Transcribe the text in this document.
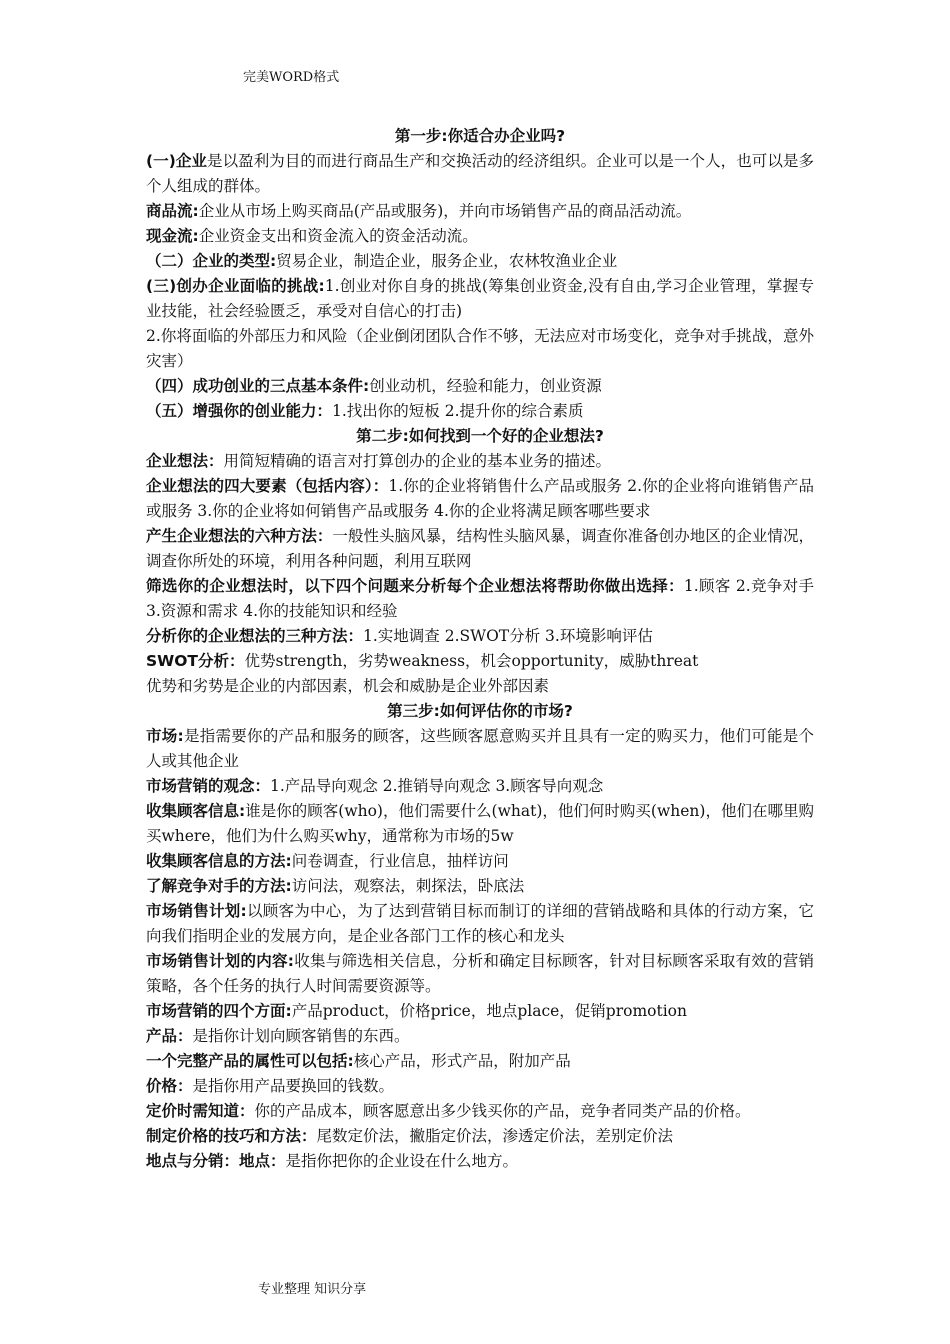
完美WORD格式
第一步:你适合办企业吗?

(一)企业是以盈利为目的而进行商品生产和交换活动的经济组织。企业可以是一个人，也可以是多个人组成的群体。

商品流:企业从市场上购买商品(产品或服务)，并向市场销售产品的商品活动流。

现金流:企业资金支出和资金流入的资金活动流。

（二）企业的类型:贸易企业，制造企业，服务企业，农林牧渔业企业

(三)创办企业面临的挑战:1.创业对你自身的挑战(筹集创业资金,没有自由,学习企业管理，掌握专业技能，社会经验匮乏，承受对自信心的打击)

2.你将面临的外部压力和风险（企业倒闭团队合作不够，无法应对市场变化，竞争对手挑战，意外灾害）

（四）成功创业的三点基本条件:创业动机，经验和能力，创业资源

（五）增强你的创业能力：1.找出你的短板 2.提升你的综合素质

第二步:如何找到一个好的企业想法?

企业想法：用简短精确的语言对打算创办的企业的基本业务的描述。

企业想法的四大要素（包括内容）：1.你的企业将销售什么产品或服务 2.你的企业将向谁销售产品或服务 3.你的企业将如何销售产品或服务 4.你的企业将满足顾客哪些要求

产生企业想法的六种方法：一般性头脑风暴，结构性头脑风暴，调查你准备创办地区的企业情况，调查你所处的环境，利用各种问题，利用互联网

筛选你的企业想法时，以下四个问题来分析每个企业想法将帮助你做出选择：1.顾客 2.竞争对手 3.资源和需求 4.你的技能知识和经验

分析你的企业想法的三种方法：1.实地调查 2.SWOT分析 3.环境影响评估

SWOT分析：优势strength，劣势weakness，机会opportunity，威胁threat

优势和劣势是企业的内部因素，机会和威胁是企业外部因素

第三步:如何评估你的市场?

市场:是指需要你的产品和服务的顾客，这些顾客愿意购买并且具有一定的购买力，他们可能是个人或其他企业

市场营销的观念：1.产品导向观念 2.推销导向观念 3.顾客导向观念

收集顾客信息:谁是你的顾客(who)，他们需要什么(what)，他们何时购买(when)，他们在哪里购买where，他们为什么购买why，通常称为市场的5w

收集顾客信息的方法:问卷调查，行业信息，抽样访问

了解竞争对手的方法:访问法，观察法，刺探法，卧底法

市场销售计划:以顾客为中心，为了达到营销目标而制订的详细的营销战略和具体的行动方案，它向我们指明企业的发展方向，是企业各部门工作的核心和龙头

市场销售计划的内容:收集与筛选相关信息，分析和确定目标顾客，针对目标顾客采取有效的营销策略，各个任务的执行人时间需要资源等。

市场营销的四个方面:产品product，价格price，地点place，促销promotion

产品：是指你计划向顾客销售的东西。

一个完整产品的属性可以包括:核心产品，形式产品，附加产品

价格：是指你用产品要换回的钱数。

定价时需知道：你的产品成本，顾客愿意出多少钱买你的产品，竞争者同类产品的价格。

制定价格的技巧和方法：尾数定价法，撇脂定价法，渗透定价法，差别定价法

地点与分销：地点：是指你把你的企业设在什么地方。

专业整理 知识分享
